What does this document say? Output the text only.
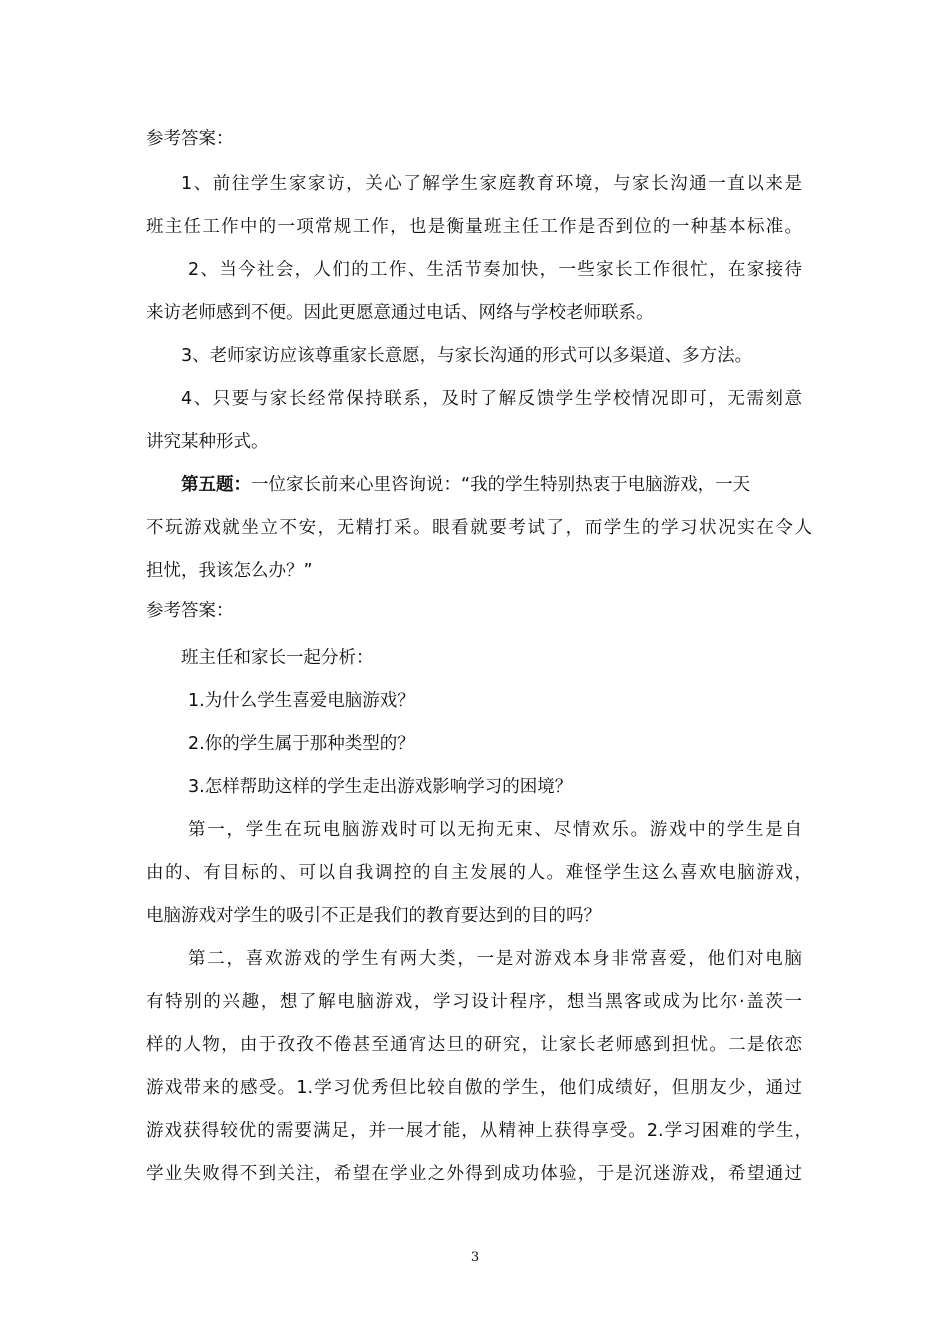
参考答案：
1、前往学生家家访，关心了解学生家庭教育环境，与家长沟通一直以来是
班主任工作中的一项常规工作，也是衡量班主任工作是否到位的一种基本标准。
2、当今社会，人们的工作、生活节奏加快，一些家长工作很忙，在家接待
来访老师感到不便。因此更愿意通过电话、网络与学校老师联系。
3、老师家访应该尊重家长意愿，与家长沟通的形式可以多渠道、多方法。
4、只要与家长经常保持联系，及时了解反馈学生学校情况即可，无需刻意
讲究某种形式。
第五题：一位家长前来心里咨询说：“我的学生特别热衷于电脑游戏，一天
不玩游戏就坐立不安，无精打采。眼看就要考试了，而学生的学习状况实在令人
担忧，我该怎么办？”
参考答案：
班主任和家长一起分析：
1.为什么学生喜爱电脑游戏？
2.你的学生属于那种类型的？
3.怎样帮助这样的学生走出游戏影响学习的困境？
第一，学生在玩电脑游戏时可以无拘无束、尽情欢乐。游戏中的学生是自
由的、有目标的、可以自我调控的自主发展的人。难怪学生这么喜欢电脑游戏，
电脑游戏对学生的吸引不正是我们的教育要达到的目的吗？
第二，喜欢游戏的学生有两大类，一是对游戏本身非常喜爱，他们对电脑
有特别的兴趣，想了解电脑游戏，学习设计程序，想当黑客或成为比尔·盖茨一
样的人物，由于孜孜不倦甚至通宵达旦的研究，让家长老师感到担忧。二是依恋
游戏带来的感受。1.学习优秀但比较自傲的学生，他们成绩好，但朋友少，通过
游戏获得较优的需要满足，并一展才能，从精神上获得享受。2.学习困难的学生，
学业失败得不到关注，希望在学业之外得到成功体验，于是沉迷游戏，希望通过
3
